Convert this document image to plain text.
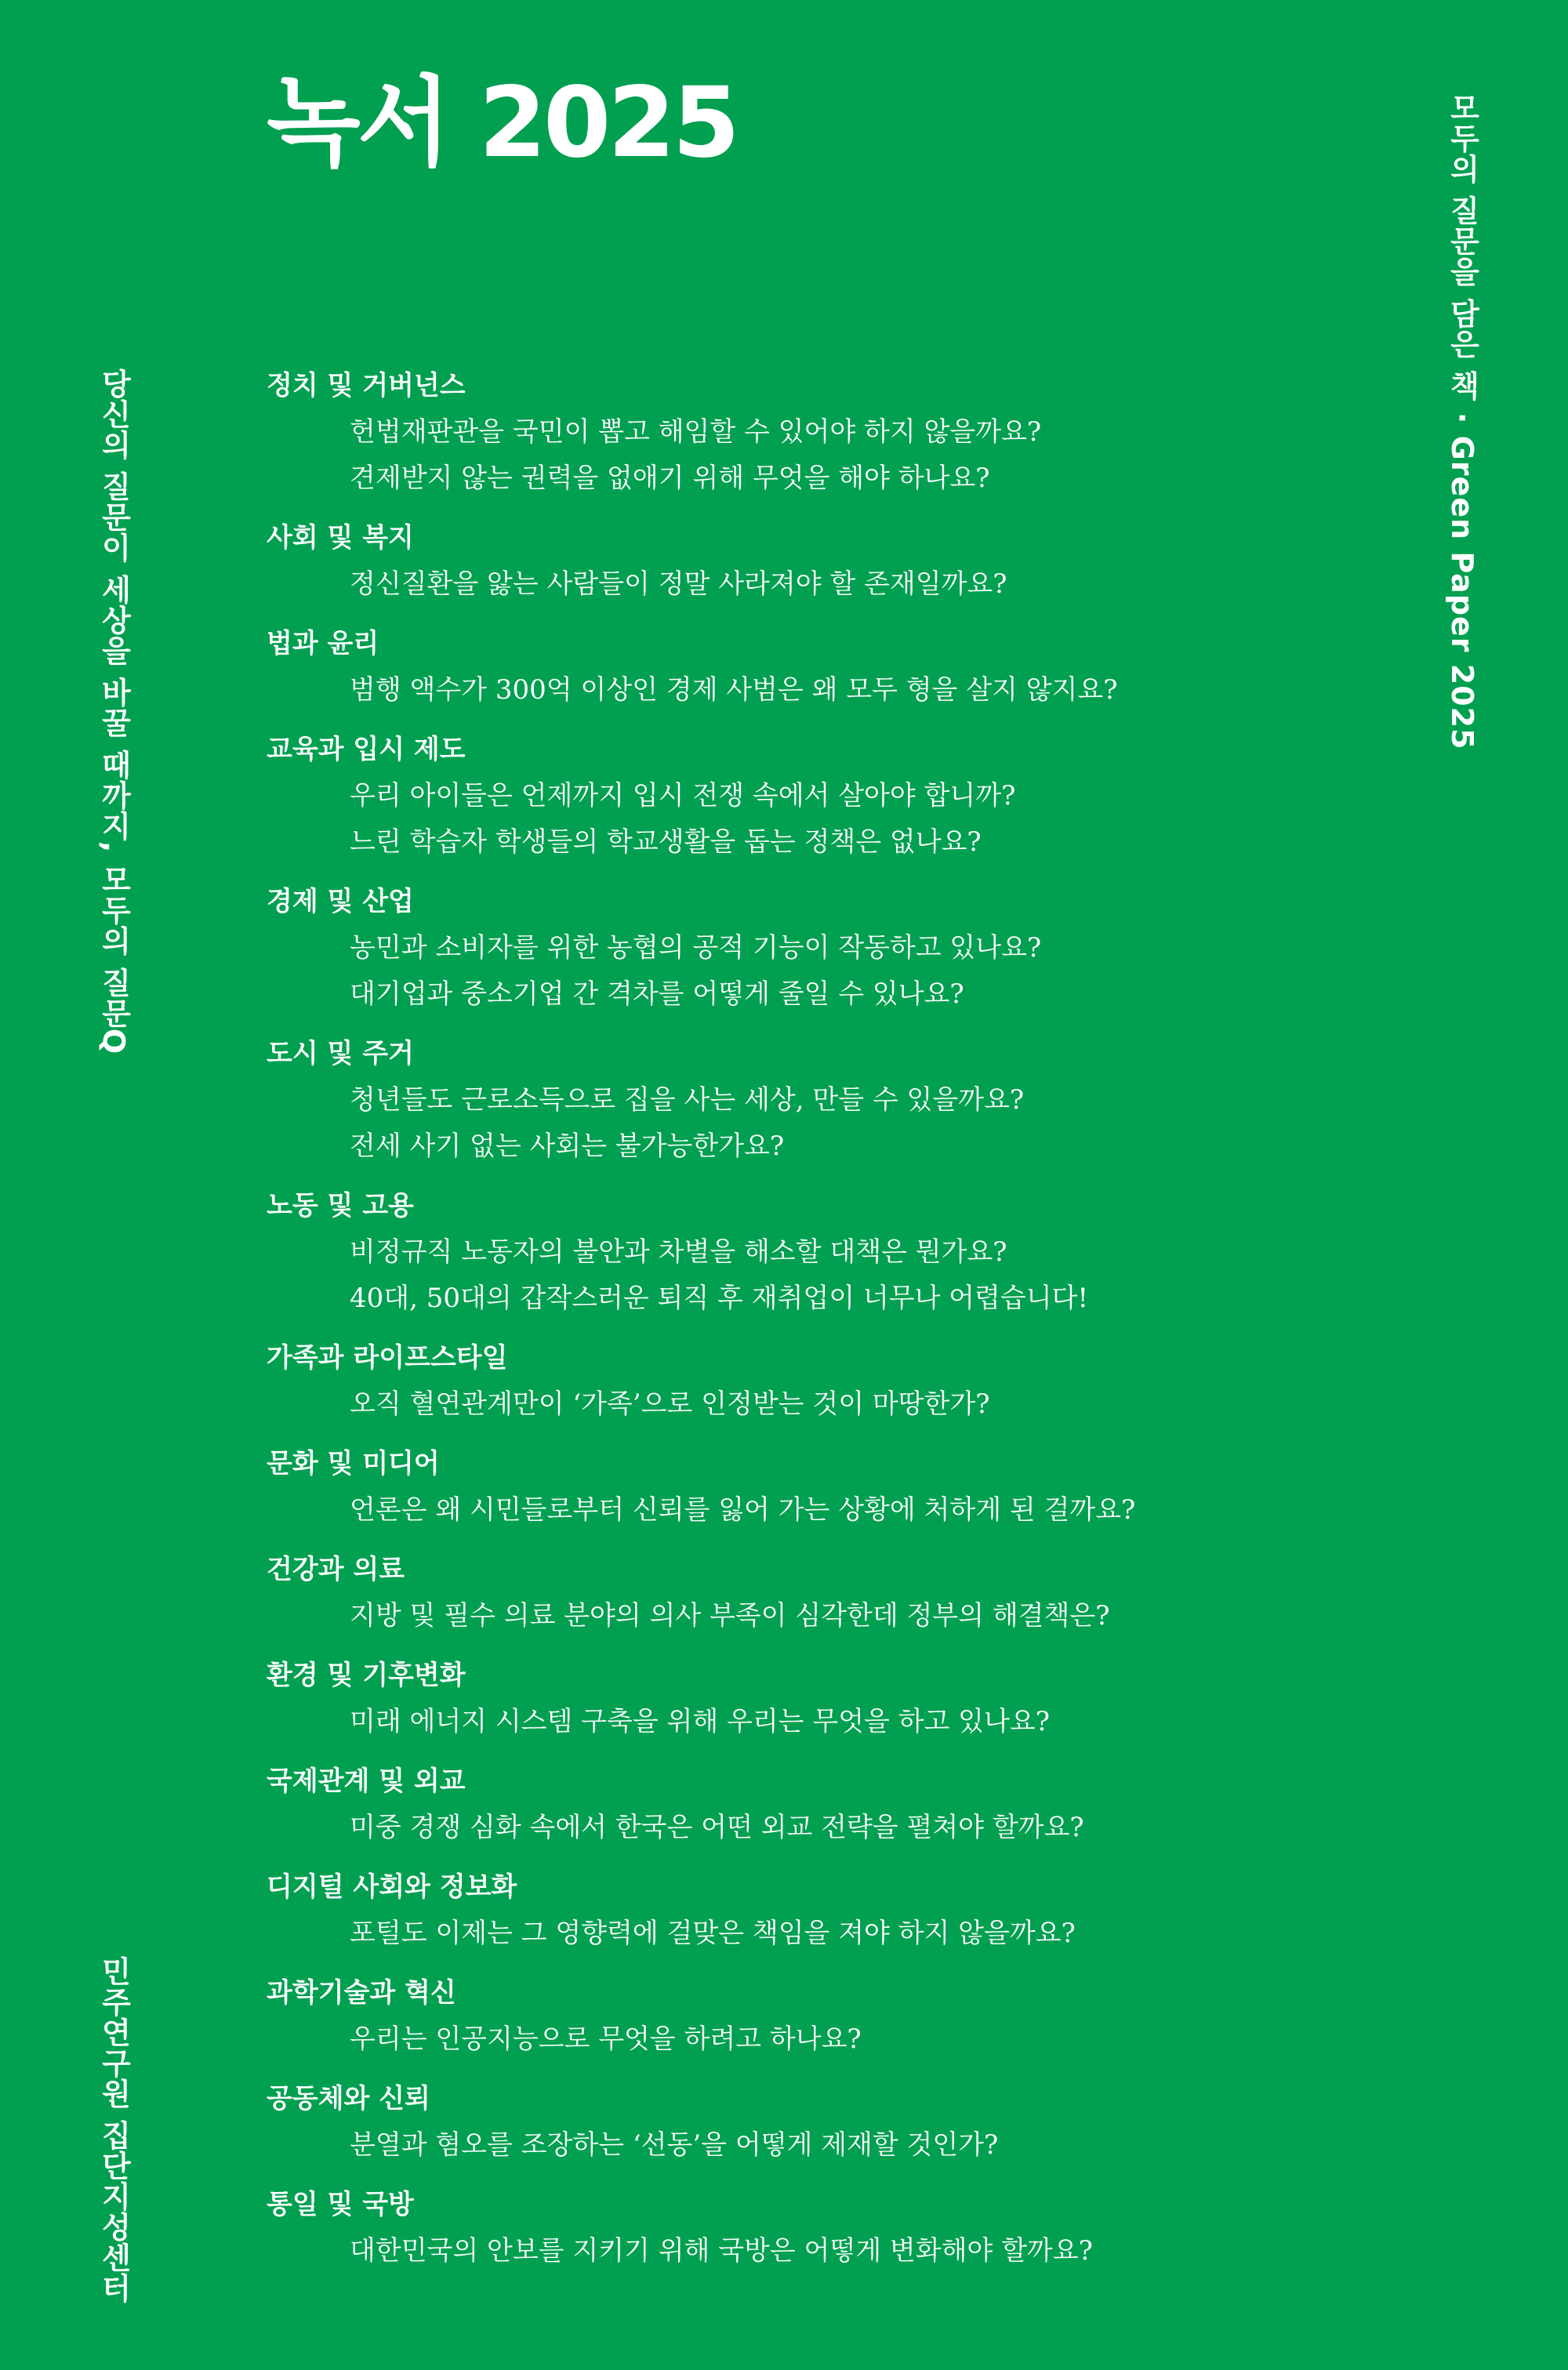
녹서 2025
당신의 질문이 세상을 바꿀 때까지, 모두의 질문Q
민주연구원 집단지성센터
모두의 질문을 담은 책 · Green Paper 2025
정치 및 거버넌스
헌법재판관을 국민이 뽑고 해임할 수 있어야 하지 않을까요?
견제받지 않는 권력을 없애기 위해 무엇을 해야 하나요?
사회 및 복지
정신질환을 앓는 사람들이 정말 사라져야 할 존재일까요?
법과 윤리
범행 액수가 300억 이상인 경제 사범은 왜 모두 형을 살지 않지요?
교육과 입시 제도
우리 아이들은 언제까지 입시 전쟁 속에서 살아야 합니까?
느린 학습자 학생들의 학교생활을 돕는 정책은 없나요?
경제 및 산업
농민과 소비자를 위한 농협의 공적 기능이 작동하고 있나요?
대기업과 중소기업 간 격차를 어떻게 줄일 수 있나요?
도시 및 주거
청년들도 근로소득으로 집을 사는 세상, 만들 수 있을까요?
전세 사기 없는 사회는 불가능한가요?
노동 및 고용
비정규직 노동자의 불안과 차별을 해소할 대책은 뭔가요?
40대, 50대의 갑작스러운 퇴직 후 재취업이 너무나 어렵습니다!
가족과 라이프스타일
오직 혈연관계만이 ‘가족’으로 인정받는 것이 마땅한가?
문화 및 미디어
언론은 왜 시민들로부터 신뢰를 잃어 가는 상황에 처하게 된 걸까요?
건강과 의료
지방 및 필수 의료 분야의 의사 부족이 심각한데 정부의 해결책은?
환경 및 기후변화
미래 에너지 시스템 구축을 위해 우리는 무엇을 하고 있나요?
국제관계 및 외교
미중 경쟁 심화 속에서 한국은 어떤 외교 전략을 펼쳐야 할까요?
디지털 사회와 정보화
포털도 이제는 그 영향력에 걸맞은 책임을 져야 하지 않을까요?
과학기술과 혁신
우리는 인공지능으로 무엇을 하려고 하나요?
공동체와 신뢰
분열과 혐오를 조장하는 ‘선동’을 어떻게 제재할 것인가?
통일 및 국방
대한민국의 안보를 지키기 위해 국방은 어떻게 변화해야 할까요?
